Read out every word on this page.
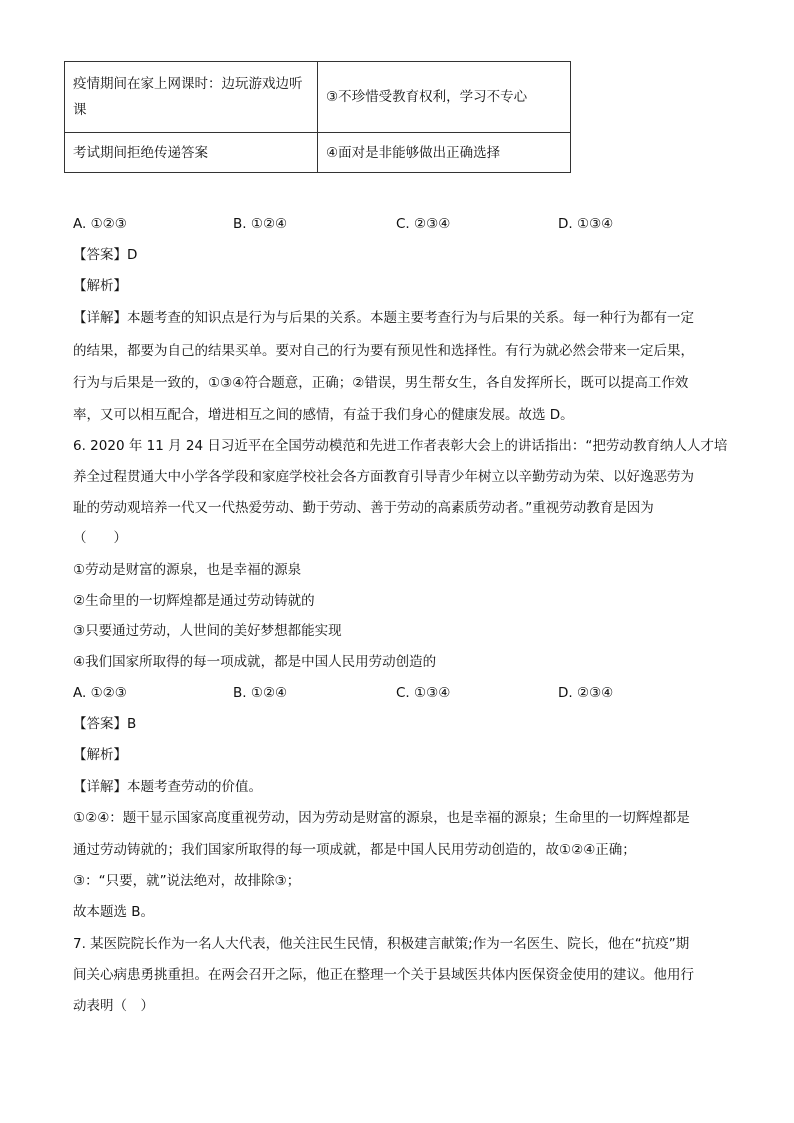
疫情期间在家上网课时：边玩游戏边听课	③不珍惜受教育权利，学习不专心
考试期间拒绝传递答案	④面对是非能够做出正确选择
A. ①②③	B. ①②④	C. ②③④	D. ①③④
【答案】D
【解析】
【详解】本题考查的知识点是行为与后果的关系。本题主要考查行为与后果的关系。每一种行为都有一定
的结果，都要为自己的结果买单。要对自己的行为要有预见性和选择性。有行为就必然会带来一定后果，
行为与后果是一致的，①③④符合题意，正确；②错误，男生帮女生，各自发挥所长，既可以提高工作效
率，又可以相互配合，增进相互之间的感情，有益于我们身心的健康发展。故选 D。
6. 2020 年 11 月 24 日习近平在全国劳动模范和先进工作者表彰大会上的讲话指出：“把劳动教育纳人人才培
养全过程贯通大中小学各学段和家庭学校社会各方面教育引导青少年树立以辛勤劳动为荣、以好逸恶劳为
耻的劳动观培养一代又一代热爱劳动、勤于劳动、善于劳动的高素质劳动者。”重视劳动教育是因为
（　　）
①劳动是财富的源泉，也是幸福的源泉
②生命里的一切辉煌都是通过劳动铸就的
③只要通过劳动，人世间的美好梦想都能实现
④我们国家所取得的每一项成就，都是中国人民用劳动创造的
A. ①②③	B. ①②④	C. ①③④	D. ②③④
【答案】B
【解析】
【详解】本题考查劳动的价值。
①②④：题干显示国家高度重视劳动，因为劳动是财富的源泉，也是幸福的源泉；生命里的一切辉煌都是
通过劳动铸就的；我们国家所取得的每一项成就，都是中国人民用劳动创造的，故①②④正确；
③：“只要，就”说法绝对，故排除③；
故本题选 B。
7. 某医院院长作为一名人大代表，他关注民生民情，积极建言献策;作为一名医生、院长，他在“抗疫”期
间关心病患勇挑重担。在两会召开之际，他正在整理一个关于县域医共体内医保资金使用的建议。他用行
动表明（　）
